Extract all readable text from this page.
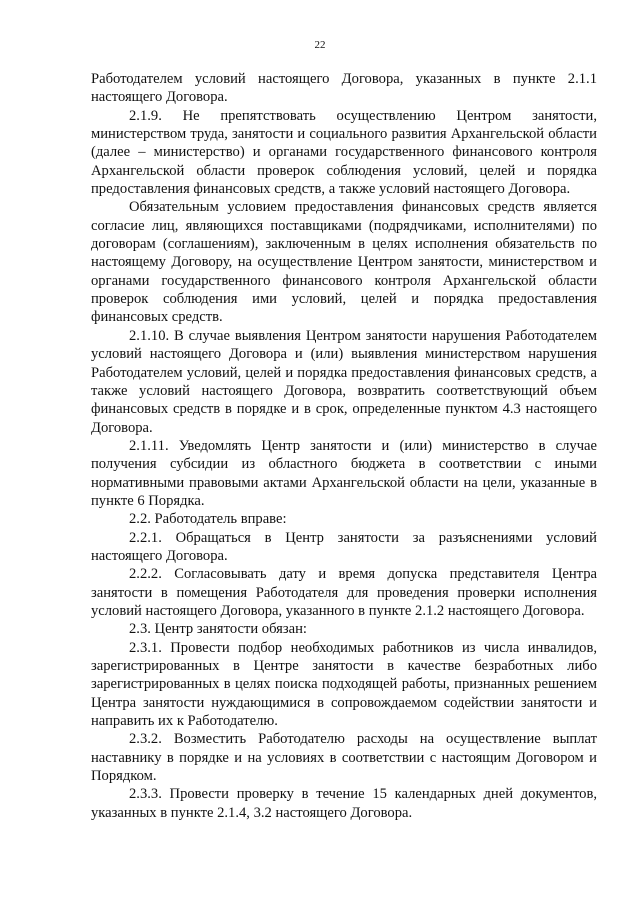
22

Работодателем условий настоящего Договора, указанных в пункте 2.1.1 настоящего Договора.

2.1.9. Не препятствовать осуществлению Центром занятости, министерством труда, занятости и социального развития Архангельской области (далее – министерство) и органами государственного финансового контроля Архангельской области проверок соблюдения условий, целей и порядка предоставления финансовых средств, а также условий настоящего Договора.

Обязательным условием предоставления финансовых средств является согласие лиц, являющихся поставщиками (подрядчиками, исполнителями) по договорам (соглашениям), заключенным в целях исполнения обязательств по настоящему Договору, на осуществление Центром занятости, министерством и органами государственного финансового контроля Архангельской области проверок соблюдения ими условий, целей и порядка предоставления финансовых средств.

2.1.10. В случае выявления Центром занятости нарушения Работодателем условий настоящего Договора и (или) выявления министерством нарушения Работодателем условий, целей и порядка предоставления финансовых средств, а также условий настоящего Договора, возвратить соответствующий объем финансовых средств в порядке и в срок, определенные пунктом 4.3 настоящего Договора.

2.1.11. Уведомлять Центр занятости и (или) министерство в случае получения субсидии из областного бюджета в соответствии с иными нормативными правовыми актами Архангельской области на цели, указанные в пункте 6 Порядка.

2.2. Работодатель вправе:

2.2.1. Обращаться в Центр занятости за разъяснениями условий настоящего Договора.

2.2.2. Согласовывать дату и время допуска представителя Центра занятости в помещения Работодателя для проведения проверки исполнения условий настоящего Договора, указанного в пункте 2.1.2 настоящего Договора.

2.3. Центр занятости обязан:

2.3.1. Провести подбор необходимых работников из числа инвалидов, зарегистрированных в Центре занятости в качестве безработных либо зарегистрированных в целях поиска подходящей работы, признанных решением Центра занятости нуждающимися в сопровождаемом содействии занятости и направить их к Работодателю.

2.3.2. Возместить Работодателю расходы на осуществление выплат наставнику в порядке и на условиях в соответствии с настоящим Договором и Порядком.

2.3.3. Провести проверку в течение 15 календарных дней документов, указанных в пункте 2.1.4, 3.2 настоящего Договора.
